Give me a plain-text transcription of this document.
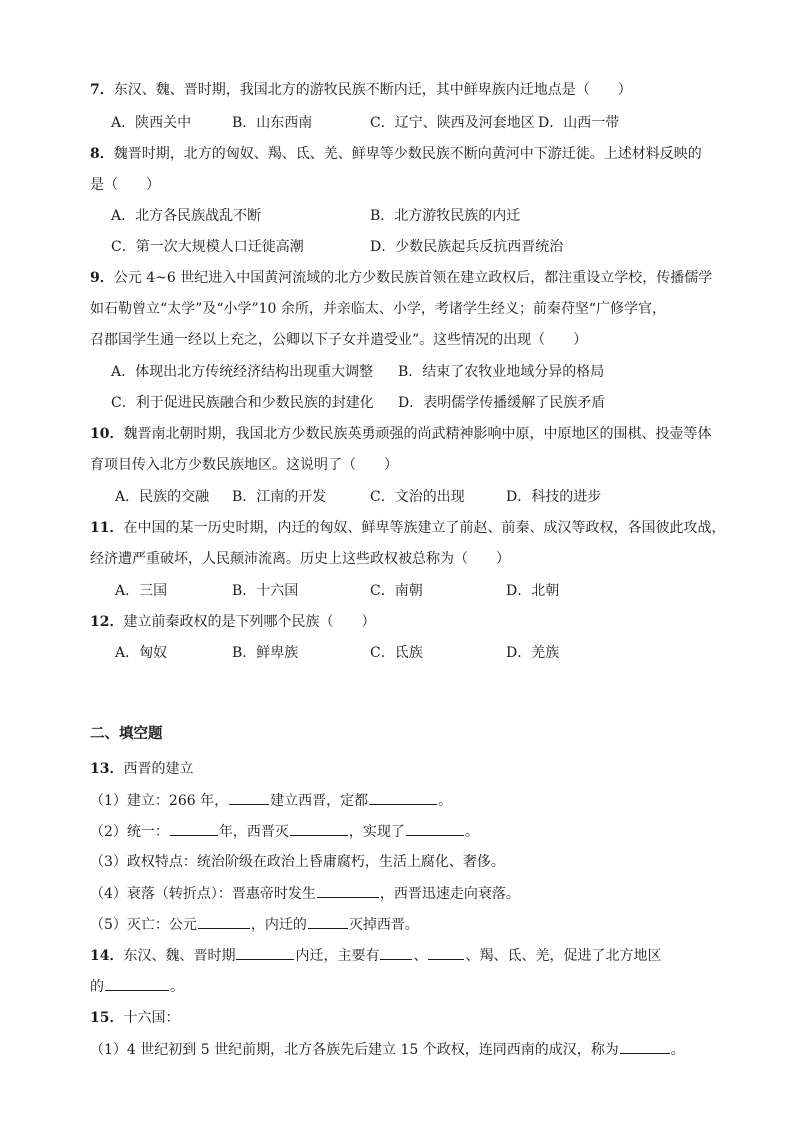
7．东汉、魏、晋时期，我国北方的游牧民族不断内迁，其中鲜卑族内迁地点是（　　）
A．陕西关中	B．山东西南	C．辽宁、陕西及河套地区 D．山西一带
8．魏晋时期，北方的匈奴、羯、氐、羌、鲜卑等少数民族不断向黄河中下游迁徙。上述材料反映的
是（　　）
A．北方各民族战乱不断	B．北方游牧民族的内迁
C．第一次大规模人口迁徙高潮	D．少数民族起兵反抗西晋统治
9．公元 4~6 世纪进入中国黄河流域的北方少数民族首领在建立政权后，都注重设立学校，传播儒学
如石勒曾立“太学”及“小学”10 余所，并亲临太、小学，考诸学生经义；前秦苻坚“广修学官，
召郡国学生通一经以上充之，公卿以下子女并遣受业”。这些情况的出现（　　）
A．体现出北方传统经济结构出现重大调整 B．结束了农牧业地域分异的格局
C．利于促进民族融合和少数民族的封建化 D．表明儒学传播缓解了民族矛盾
10．魏晋南北朝时期，我国北方少数民族英勇顽强的尚武精神影响中原，中原地区的围棋、投壶等体
育项目传入北方少数民族地区。这说明了（　　）
A．民族的交融 B．江南的开发	C．文治的出现	D．科技的进步
11．在中国的某一历史时期，内迁的匈奴、鲜卑等族建立了前赵、前秦、成汉等政权，各国彼此攻战，
经济遭严重破坏，人民颠沛流离。历史上这些政权被总称为（　　）
A．三国	B．十六国	C．南朝	D．北朝
12．建立前秦政权的是下列哪个民族（　　）
A．匈奴	B．鲜卑族	C．氐族	D．羌族
二、填空题
13．西晋的建立
（1）建立：266 年，	建立西晋，定都	。
（2）统一：	年，西晋灭	，实现了	。
（3）政权特点：统治阶级在政治上昏庸腐朽，生活上腐化、奢侈。
（4）衰落（转折点）：晋惠帝时发生	，西晋迅速走向衰落。
（5）灭亡：公元	，内迁的	灭掉西晋。
14．东汉、魏、晋时期	内迁，主要有 、	、羯、氐、羌，促进了北方地区
的	。
15．十六国：
（1）4 世纪初到 5 世纪前期，北方各族先后建立 15 个政权，连同西南的成汉，称为	。
